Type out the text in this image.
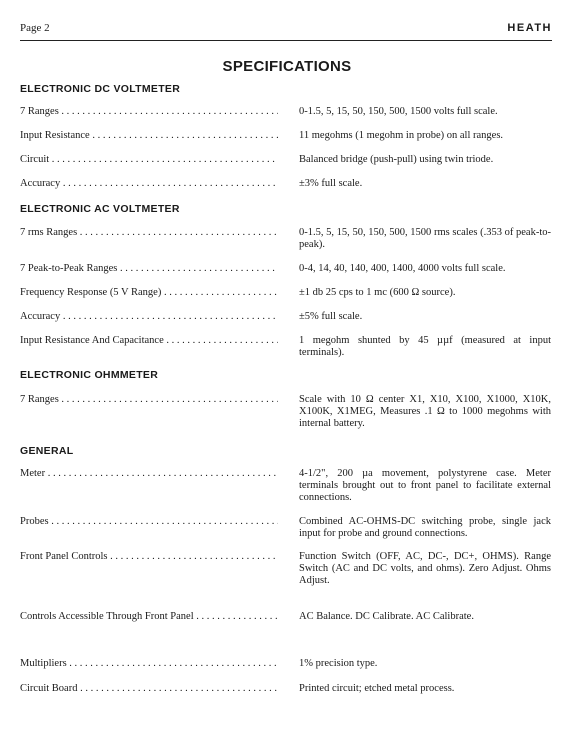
Page 2	HEATH
SPECIFICATIONS
ELECTRONIC DC VOLTMETER
7 Ranges . . .	0-1.5, 5, 15, 50, 150, 500, 1500 volts full scale.
Input Resistance . . .	11 megohms (1 megohm in probe) on all ranges.
Circuit . . .	Balanced bridge (push-pull) using twin triode.
Accuracy . . .	±3% full scale.
ELECTRONIC AC VOLTMETER
7 rms Ranges . . .	0-1.5, 5, 15, 50, 150, 500, 1500 rms scales (.353 of peak-to-peak).
7 Peak-to-Peak Ranges . . .	0-4, 14, 40, 140, 400, 1400, 4000 volts full scale.
Frequency Response (5 V Range) . . .	±1 db 25 cps to 1 mc (600 Ω source).
Accuracy . . .	±5% full scale.
Input Resistance And Capacitance . . .	1 megohm shunted by 45 µµf (measured at input terminals).
ELECTRONIC OHMMETER
7 Ranges . . .	Scale with 10 Ω center X1, X10, X100, X1000, X10K, X100K, X1MEG, Measures .1 Ω to 1000 megohms with internal battery.
GENERAL
Meter . . .	4-1/2", 200 µa movement, polystyrene case. Meter terminals brought out to front panel to facilitate external connections.
Probes . . .	Combined AC-OHMS-DC switching probe, single jack input for probe and ground connections.
Front Panel Controls . . .	Function Switch (OFF, AC, DC-, DC+, OHMS). Range Switch (AC and DC volts, and ohms). Zero Adjust. Ohms Adjust.
Controls Accessible Through Front Panel . . .	AC Balance. DC Calibrate. AC Calibrate.
Multipliers . . .	1% precision type.
Circuit Board . . .	Printed circuit; etched metal process.
